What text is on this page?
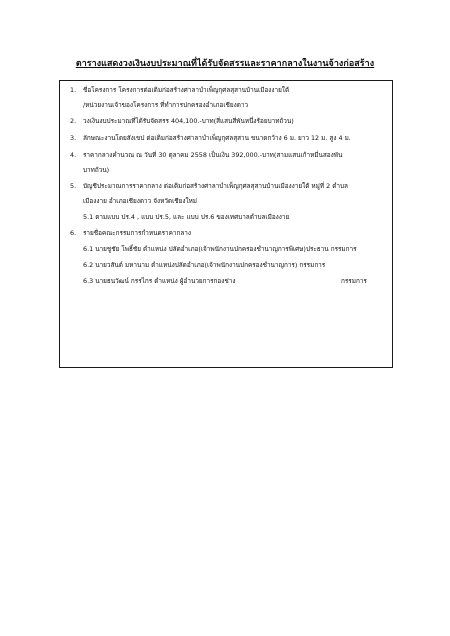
ตารางแสดงวงเงินงบประมาณที่ได้รับจัดสรรและราคากลางในงานจ้างก่อสร้าง
1. ชื่อโครงการ โครงการต่อเติมก่อสร้างศาลาบำเพ็ญกุศลสุสานบ้านเมืองงายใต้
/หน่วยงานเจ้าของโครงการ ที่ทำการปกครองอำเภอเชียงดาว
2. วงเงินงบประมาณที่ได้รับจัดสรร 404,100.-บาท(สี่แสนสี่พันหนึ่งร้อยบาทถ้วน)
3. ลักษณะงานโดยสังเขป ต่อเติมก่อสร้างศาลาบำเพ็ญกุศลสุสาน ขนาดกว้าง 6 ม. ยาว 12 ม. สูง 4 ม.
4. ราคากลางคำนวณ ณ วันที่ 30 ตุลาคม 2558 เป็นเงิน 392,000.-บาท(สามแสนเก้าหมื่นสองพัน
บาทถ้วน)
5. บัญชีประมาณการราคากลาง ต่อเติมก่อสร้างศาลาบำเพ็ญกุศลสุสานบ้านเมืองงายใต้ หมู่ที่ 2 ตำบล
เมืองงาย อำเภอเชียงดาว จังหวัดเชียงใหม่
5.1 ตามแบบ ปร.4 , แบบ ปร.5, และ แบบ ปร.6 ของเทศบาลตำบลเมืองงาย
6. รายชื่อคณะกรรมการกำหนดราคากลาง
6.1 นายชูชัย โพธิ์ชัย ตำแหน่ง ปลัดอำเภอ(เจ้าพนักงานปกครองชำนาญการพิเศษ)ประธาน กรรมการ
6.2 นายวสันต์ มหานาม ตำแหน่งปลัดอำเภอ(เจ้าพนักงานปกครองชำนาญการ) กรรมการ
6.3 นายธนวัฒน์ กรรไกร ตำแหน่ง ผู้อำนวยการกองช่าง	กรรมการ
